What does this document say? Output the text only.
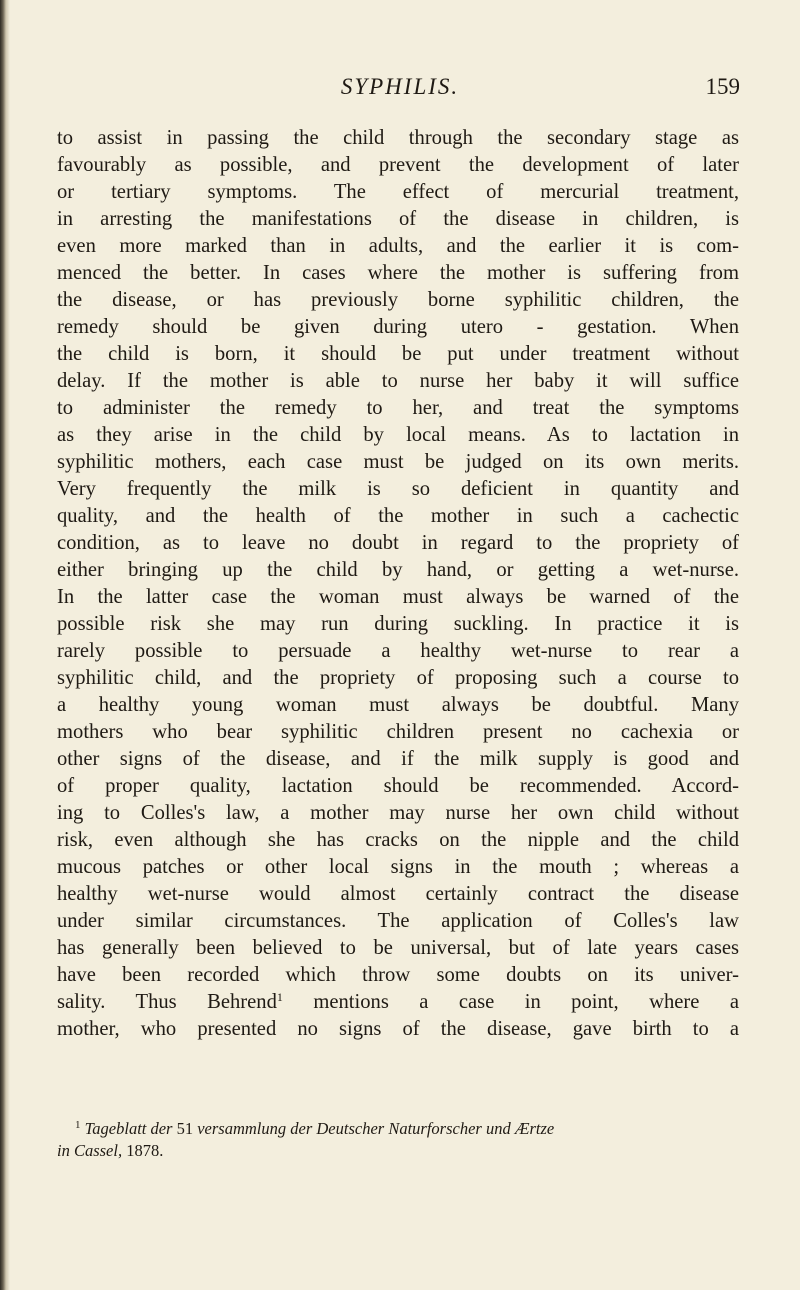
SYPHILIS.	159
to assist in passing the child through the secondary stage as
favourably as possible, and prevent the development of later
or tertiary symptoms. The effect of mercurial treatment,
in arresting the manifestations of the disease in children, is
even more marked than in adults, and the earlier it is com-
menced the better. In cases where the mother is suffering from
the disease, or has previously borne syphilitic children, the
remedy should be given during utero - gestation. When
the child is born, it should be put under treatment without
delay. If the mother is able to nurse her baby it will suffice
to administer the remedy to her, and treat the symptoms
as they arise in the child by local means. As to lactation in
syphilitic mothers, each case must be judged on its own merits.
Very frequently the milk is so deficient in quantity and
quality, and the health of the mother in such a cachectic
condition, as to leave no doubt in regard to the propriety of
either bringing up the child by hand, or getting a wet-nurse.
In the latter case the woman must always be warned of the
possible risk she may run during suckling. In practice it is
rarely possible to persuade a healthy wet-nurse to rear a
syphilitic child, and the propriety of proposing such a course to
a healthy young woman must always be doubtful. Many
mothers who bear syphilitic children present no cachexia or
other signs of the disease, and if the milk supply is good and
of proper quality, lactation should be recommended. Accord-
ing to Colles's law, a mother may nurse her own child without
risk, even although she has cracks on the nipple and the child
mucous patches or other local signs in the mouth ; whereas a
healthy wet-nurse would almost certainly contract the disease
under similar circumstances. The application of Colles's law
has generally been believed to be universal, but of late years cases
have been recorded which throw some doubts on its univer-
sality. Thus Behrend$^1$ mentions a case in point, where a
mother, who presented no signs of the disease, gave birth to a
$^1$ Tageblatt der 51 versammlung der Deutscher Naturforscher und Ærtze
in Cassel, 1878.
